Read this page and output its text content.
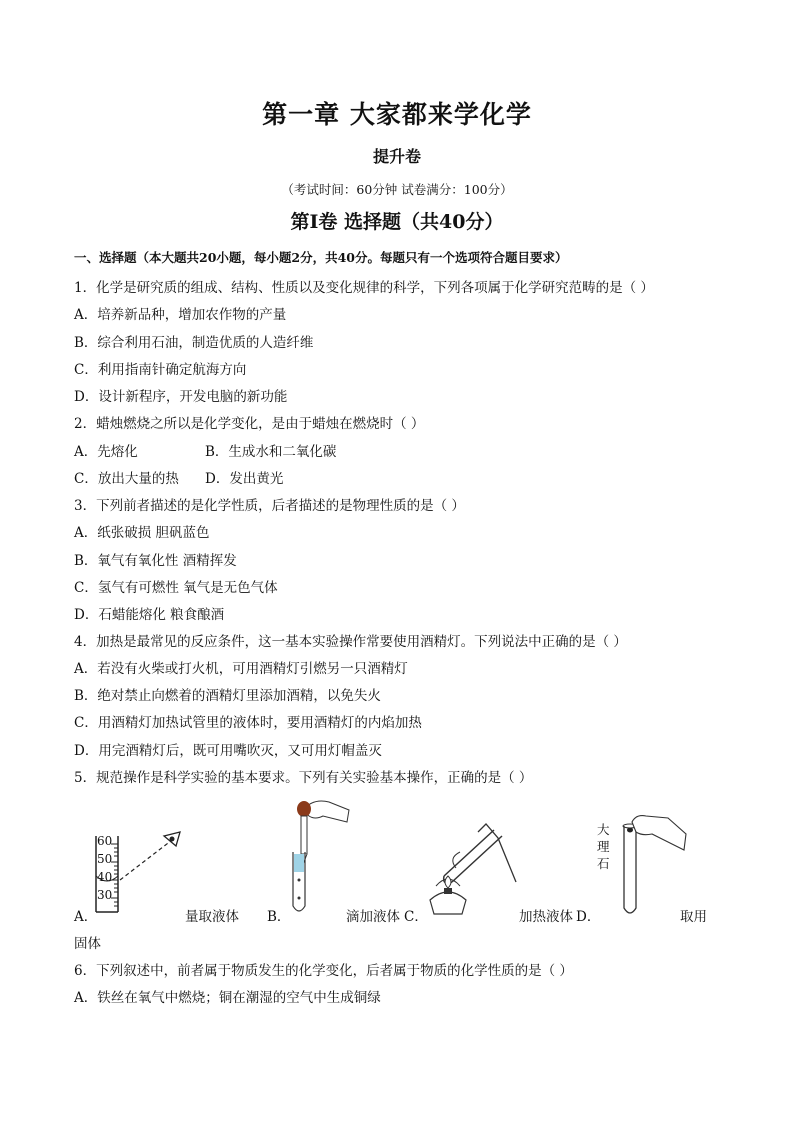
第一章 大家都来学化学
提升卷
（考试时间：60分钟 试卷满分：100分）
第Ⅰ卷 选择题（共40分）
一、选择题（本大题共20小题，每小题2分，共40分。每题只有一个选项符合题目要求）
1．化学是研究质的组成、结构、性质以及变化规律的科学，下列各项属于化学研究范畴的是（ ）
A．培养新品种，增加农作物的产量
B．综合利用石油，制造优质的人造纤维
C．利用指南针确定航海方向
D．设计新程序，开发电脑的新功能
2．蜡烛燃烧之所以是化学变化，是由于蜡烛在燃烧时（ ）
A．先熔化	B．生成水和二氧化碳
C．放出大量的热 D．发出黄光
3．下列前者描述的是化学性质，后者描述的是物理性质的是（ ）
A．纸张破损 胆矾蓝色
B．氧气有氧化性 酒精挥发
C．氢气有可燃性 氧气是无色气体
D．石蜡能熔化 粮食酿酒
4．加热是最常见的反应条件，这一基本实验操作常要使用酒精灯。下列说法中正确的是（ ）
A．若没有火柴或打火机，可用酒精灯引燃另一只酒精灯
B．绝对禁止向燃着的酒精灯里添加酒精，以免失火
C．用酒精灯加热试管里的液体时，要用酒精灯的内焰加热
D．用完酒精灯后，既可用嘴吹灭，又可用灯帽盖灭
5．规范操作是科学实验的基本要求。下列有关实验基本操作，正确的是（ ）
60
50
40
30
大
理
石
A．	量取液体 B．	滴加液体 C．	加热液体 D．	取用
固体
6．下列叙述中，前者属于物质发生的化学变化，后者属于物质的化学性质的是（ ）
A．铁丝在氧气中燃烧；铜在潮湿的空气中生成铜绿
